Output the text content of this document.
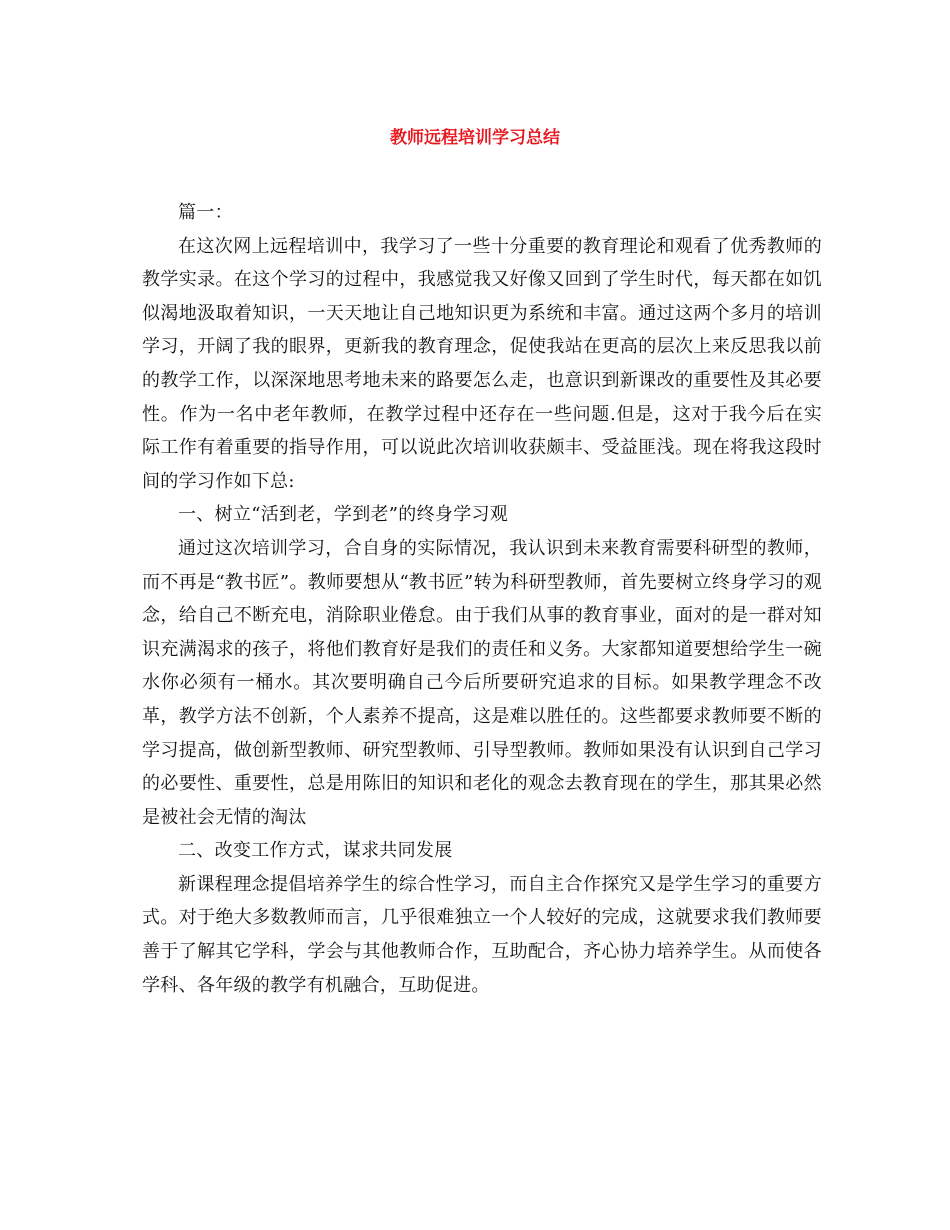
教师远程培训学习总结

篇一：

在这次网上远程培训中，我学习了一些十分重要的教育理论和观看了优秀教师的教学实录。在这个学习的过程中，我感觉我又好像又回到了学生时代，每天都在如饥似渴地汲取着知识，一天天地让自己地知识更为系统和丰富。通过这两个多月的培训学习，开阔了我的眼界，更新我的教育理念，促使我站在更高的层次上来反思我以前的教学工作，以深深地思考地未来的路要怎么走，也意识到新课改的重要性及其必要性。作为一名中老年教师，在教学过程中还存在一些问题.但是，这对于我今后在实际工作有着重要的指导作用，可以说此次培训收获颇丰、受益匪浅。现在将我这段时间的学习作如下总:

一、树立“活到老，学到老”的终身学习观

通过这次培训学习，合自身的实际情况，我认识到未来教育需要科研型的教师，而不再是“教书匠”。教师要想从“教书匠”转为科研型教师，首先要树立终身学习的观念，给自己不断充电，消除职业倦怠。由于我们从事的教育事业，面对的是一群对知识充满渴求的孩子，将他们教育好是我们的责任和义务。大家都知道要想给学生一碗水你必须有一桶水。其次要明确自己今后所要研究追求的目标。如果教学理念不改革，教学方法不创新，个人素养不提高，这是难以胜任的。这些都要求教师要不断的学习提高，做创新型教师、研究型教师、引导型教师。教师如果没有认识到自己学习的必要性、重要性，总是用陈旧的知识和老化的观念去教育现在的学生，那其果必然是被社会无情的淘汰

二、改变工作方式，谋求共同发展

新课程理念提倡培养学生的综合性学习，而自主合作探究又是学生学习的重要方式。对于绝大多数教师而言，几乎很难独立一个人较好的完成，这就要求我们教师要善于了解其它学科，学会与其他教师合作，互助配合，齐心协力培养学生。从而使各学科、各年级的教学有机融合，互助促进。
